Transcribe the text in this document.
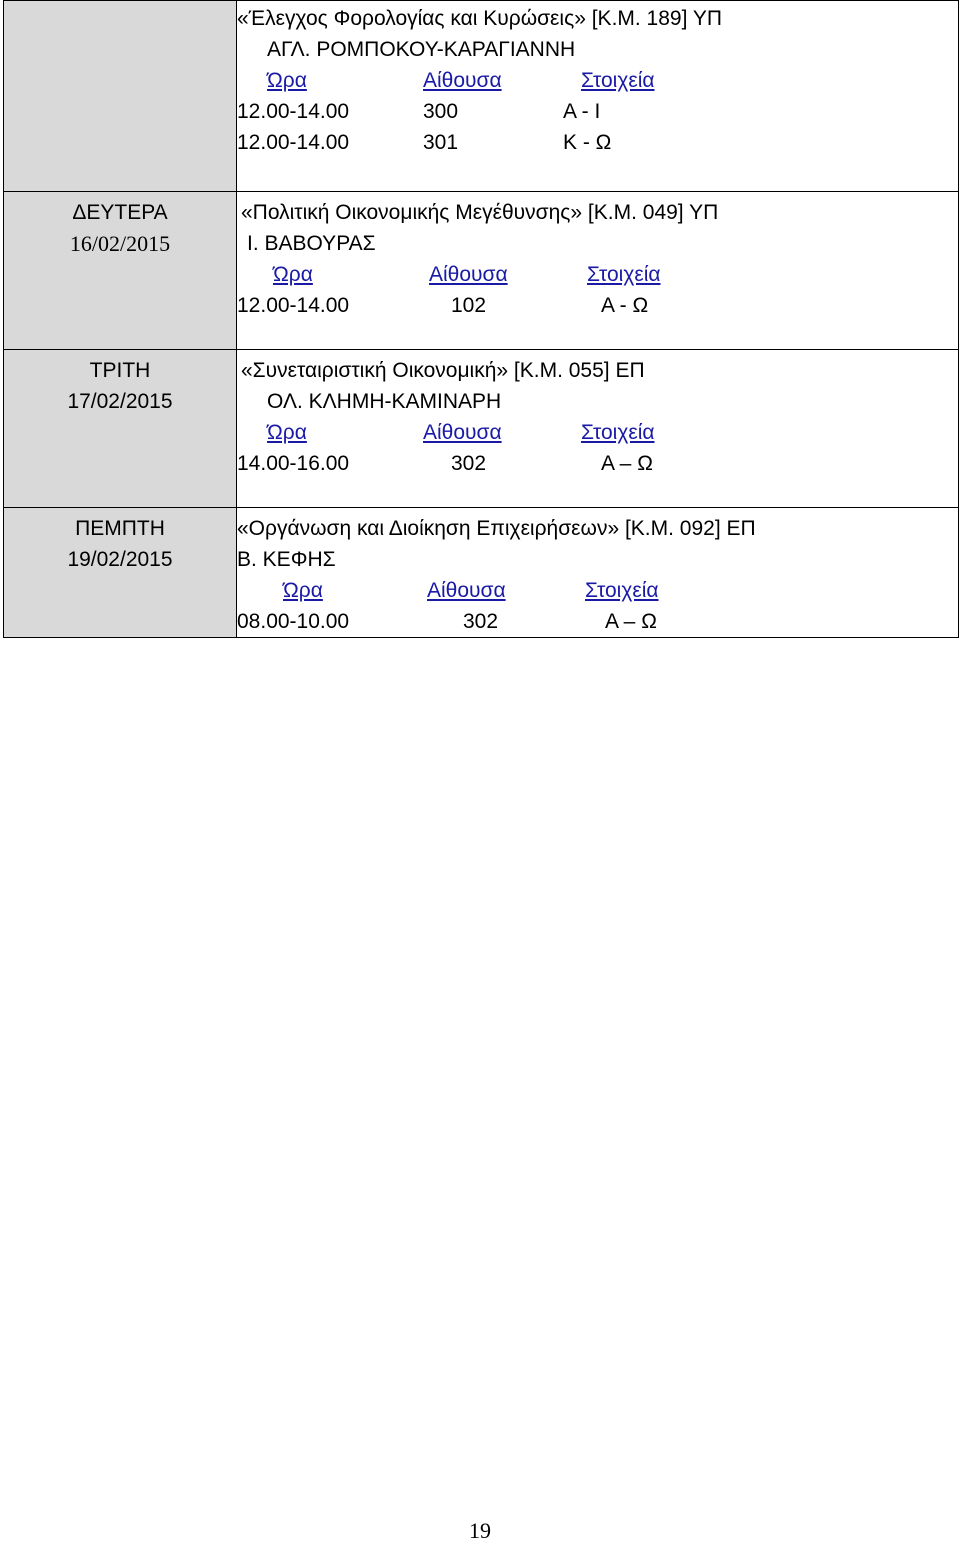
	«Έλεγχος Φορολογίας και Κυρώσεις» [Κ.Μ. 189] ΥΠ
ΑΓΛ. ΡΟΜΠΟΚΟΥ-ΚΑΡΑΓΙΑΝΝΗ
Ώρα Αίθουσα Στοιχεία
12.00-14.00 300 Α - Ι
12.00-14.00 301 Κ - Ω

ΔΕΥΤΕΡΑ
16/02/2015	«Πολιτική Οικονομικής Μεγέθυνσης» [Κ.Μ. 049] ΥΠ
Ι. ΒΑΒΟΥΡΑΣ
Ώρα Αίθουσα Στοιχεία
12.00-14.00 102 Α - Ω

ΤΡΙΤΗ
17/02/2015	«Συνεταιριστική Οικονομική» [Κ.Μ. 055] ΕΠ
ΟΛ. ΚΛΗΜΗ-ΚΑΜΙΝΑΡΗ
Ώρα Αίθουσα Στοιχεία
14.00-16.00 302 Α – Ω

ΠΕΜΠΤΗ
19/02/2015	«Οργάνωση και Διοίκηση Επιχειρήσεων» [Κ.Μ. 092] ΕΠ
Β. ΚΕΦΗΣ
Ώρα Αίθουσα Στοιχεία
08.00-10.00 302 Α – Ω
19
